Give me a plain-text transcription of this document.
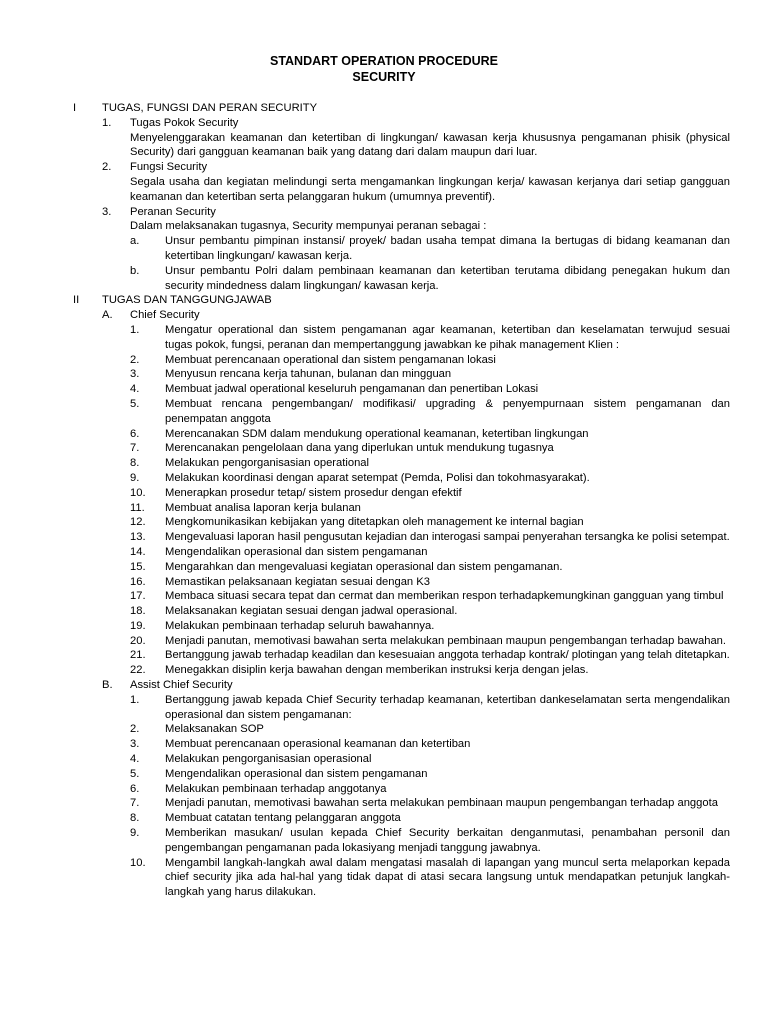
STANDART OPERATION PROCEDURE
SECURITY
I TUGAS, FUNGSI DAN PERAN SECURITY
1. Tugas Pokok Security
Menyelenggarakan keamanan dan ketertiban di lingkungan/ kawasan kerja khususnya pengamanan phisik (physical Security) dari gangguan keamanan baik yang datang dari dalam maupun dari luar.
2. Fungsi Security
Segala usaha dan kegiatan melindungi serta mengamankan lingkungan kerja/ kawasan kerjanya dari setiap gangguan keamanan dan ketertiban serta pelanggaran hukum (umumnya preventif).
3. Peranan Security
Dalam melaksanakan tugasnya, Security mempunyai peranan sebagai :
a. Unsur pembantu pimpinan instansi/ proyek/ badan usaha tempat dimana Ia bertugas di bidang keamanan dan ketertiban lingkungan/ kawasan kerja.
b. Unsur pembantu Polri dalam pembinaan keamanan dan ketertiban terutama dibidang penegakan hukum dan security mindedness dalam lingkungan/ kawasan kerja.
II TUGAS DAN TANGGUNGJAWAB
A. Chief Security
1. Mengatur operational dan sistem pengamanan agar keamanan, ketertiban dan keselamatan terwujud sesuai tugas pokok, fungsi, peranan dan mempertanggung jawabkan ke pihak management Klien :
2. Membuat perencanaan operational dan sistem pengamanan lokasi
3. Menyusun rencana kerja tahunan, bulanan dan mingguan
4. Membuat jadwal operational keseluruh pengamanan dan penertiban Lokasi
5. Membuat rencana pengembangan/ modifikasi/ upgrading & penyempurnaan sistem pengamanan dan penempatan anggota
6. Merencanakan SDM dalam mendukung operational keamanan, ketertiban lingkungan
7. Merencanakan pengelolaan dana yang diperlukan untuk mendukung tugasnya
8. Melakukan pengorganisasian operational
9. Melakukan koordinasi dengan aparat setempat (Pemda, Polisi dan tokohmasyarakat).
10. Menerapkan prosedur tetap/ sistem prosedur dengan efektif
11. Membuat analisa laporan kerja bulanan
12. Mengkomunikasikan kebijakan yang ditetapkan oleh management ke internal bagian
13. Mengevaluasi laporan hasil pengusutan kejadian dan interogasi sampai penyerahan tersangka ke polisi setempat.
14. Mengendalikan operasional dan sistem pengamanan
15. Mengarahkan dan mengevaluasi kegiatan operasional dan sistem pengamanan.
16. Memastikan pelaksanaan kegiatan sesuai dengan K3
17. Membaca situasi secara tepat dan cermat dan memberikan respon terhadapkemungkinan gangguan yang timbul
18. Melaksanakan kegiatan sesuai dengan jadwal operasional.
19. Melakukan pembinaan terhadap seluruh bawahannya.
20. Menjadi panutan, memotivasi bawahan serta melakukan pembinaan maupun pengembangan terhadap bawahan.
21. Bertanggung jawab terhadap keadilan dan kesesuaian anggota terhadap kontrak/ plotingan yang telah ditetapkan.
22. Menegakkan disiplin kerja bawahan dengan memberikan instruksi kerja dengan jelas.
B. Assist Chief Security
1. Bertanggung jawab kepada Chief Security terhadap keamanan, ketertiban dankeselamatan serta mengendalikan operasional dan sistem pengamanan:
2. Melaksanakan SOP
3. Membuat perencanaan operasional keamanan dan ketertiban
4. Melakukan pengorganisasian operasional
5. Mengendalikan operasional dan sistem pengamanan
6. Melakukan pembinaan terhadap anggotanya
7. Menjadi panutan, memotivasi bawahan serta melakukan pembinaan maupun pengembangan terhadap anggota
8. Membuat catatan tentang pelanggaran anggota
9. Memberikan masukan/ usulan kepada Chief Security berkaitan denganmutasi, penambahan personil dan pengembangan pengamanan pada lokasiyang menjadi tanggung jawabnya.
10. Mengambil langkah-langkah awal dalam mengatasi masalah di lapangan yang muncul serta melaporkan kepada chief security jika ada hal-hal yang tidak dapat di atasi secara langsung untuk mendapatkan petunjuk langkah-langkah yang harus dilakukan.
